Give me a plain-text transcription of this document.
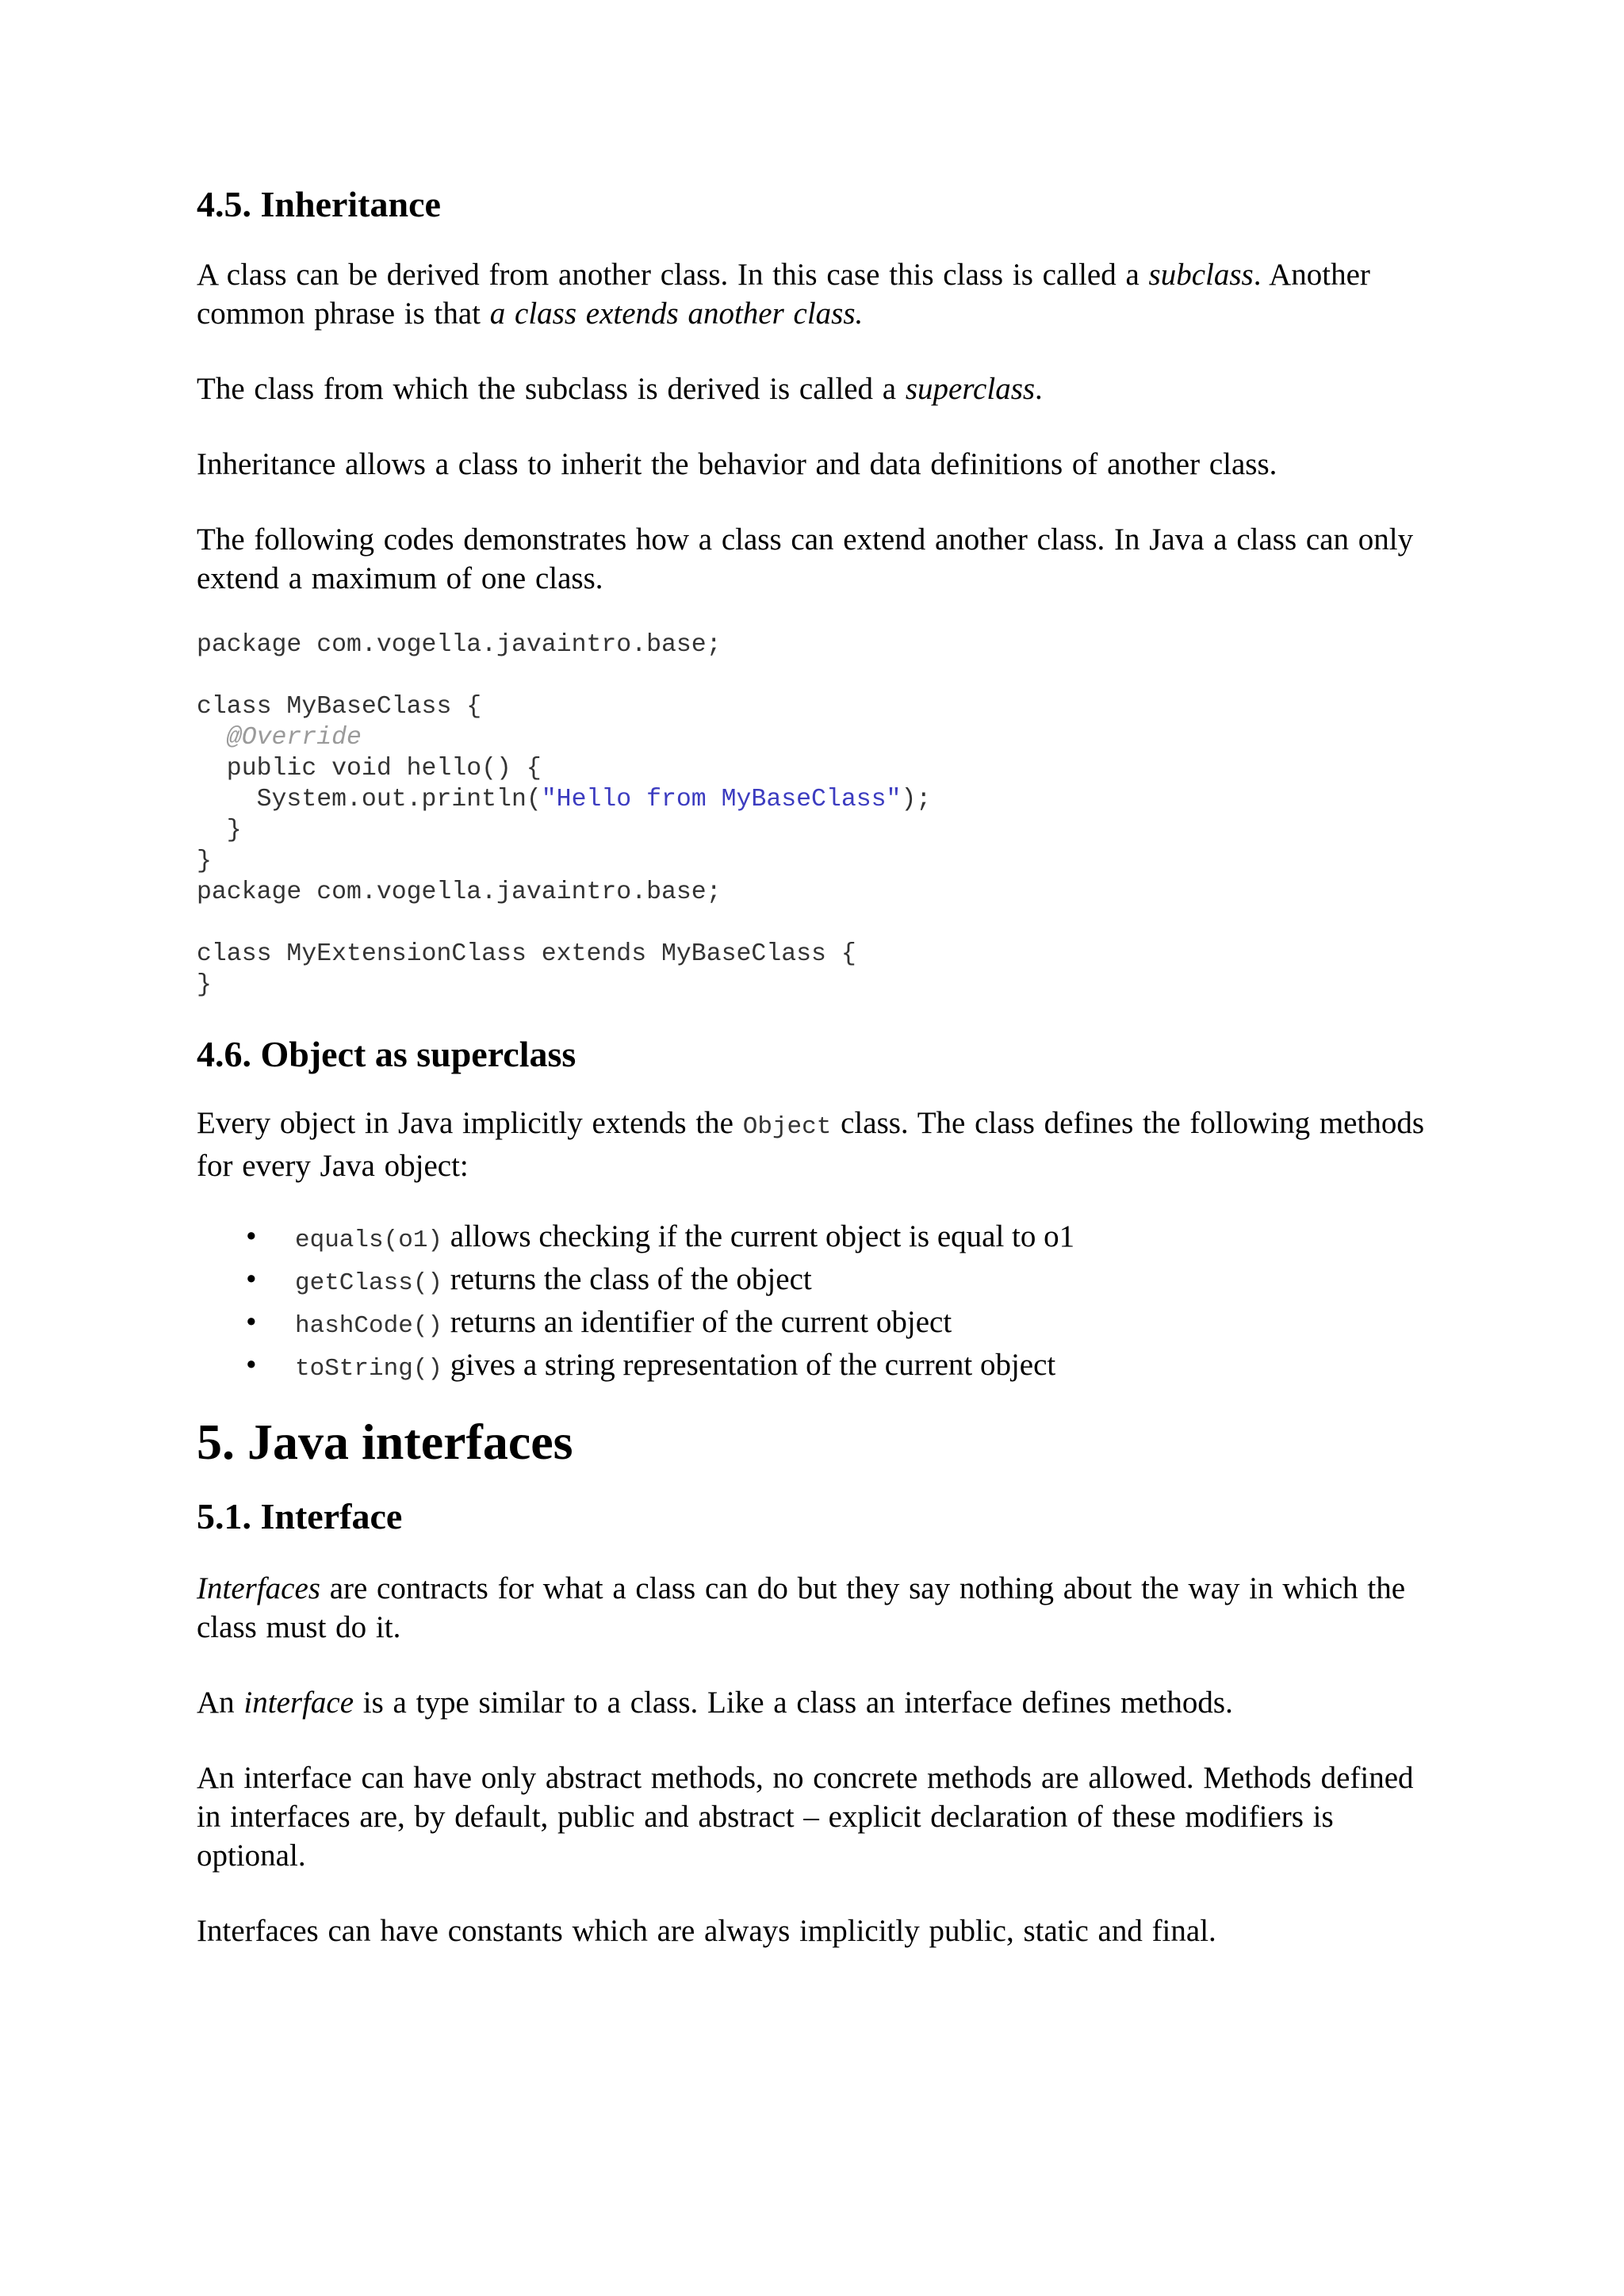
4.5. Inheritance
A class can be derived from another class. In this case this class is called a subclass. Another common phrase is that a class extends another class.
The class from which the subclass is derived is called a superclass.
Inheritance allows a class to inherit the behavior and data definitions of another class.
The following codes demonstrates how a class can extend another class. In Java a class can only extend a maximum of one class.
package com.vogella.javaintro.base;
class MyBaseClass {
@Override
public void hello() {
System.out.println("Hello from MyBaseClass");
}
}
package com.vogella.javaintro.base;
class MyExtensionClass extends MyBaseClass {
}
4.6. Object as superclass
Every object in Java implicitly extends the Object class. The class defines the following methods for every Java object:
• equals(o1) allows checking if the current object is equal to o1
• getClass() returns the class of the object
• hashCode() returns an identifier of the current object
• toString() gives a string representation of the current object
5. Java interfaces
5.1. Interface
Interfaces are contracts for what a class can do but they say nothing about the way in which the class must do it.
An interface is a type similar to a class. Like a class an interface defines methods.
An interface can have only abstract methods, no concrete methods are allowed. Methods defined in interfaces are, by default, public and abstract – explicit declaration of these modifiers is optional.
Interfaces can have constants which are always implicitly public, static and final.
